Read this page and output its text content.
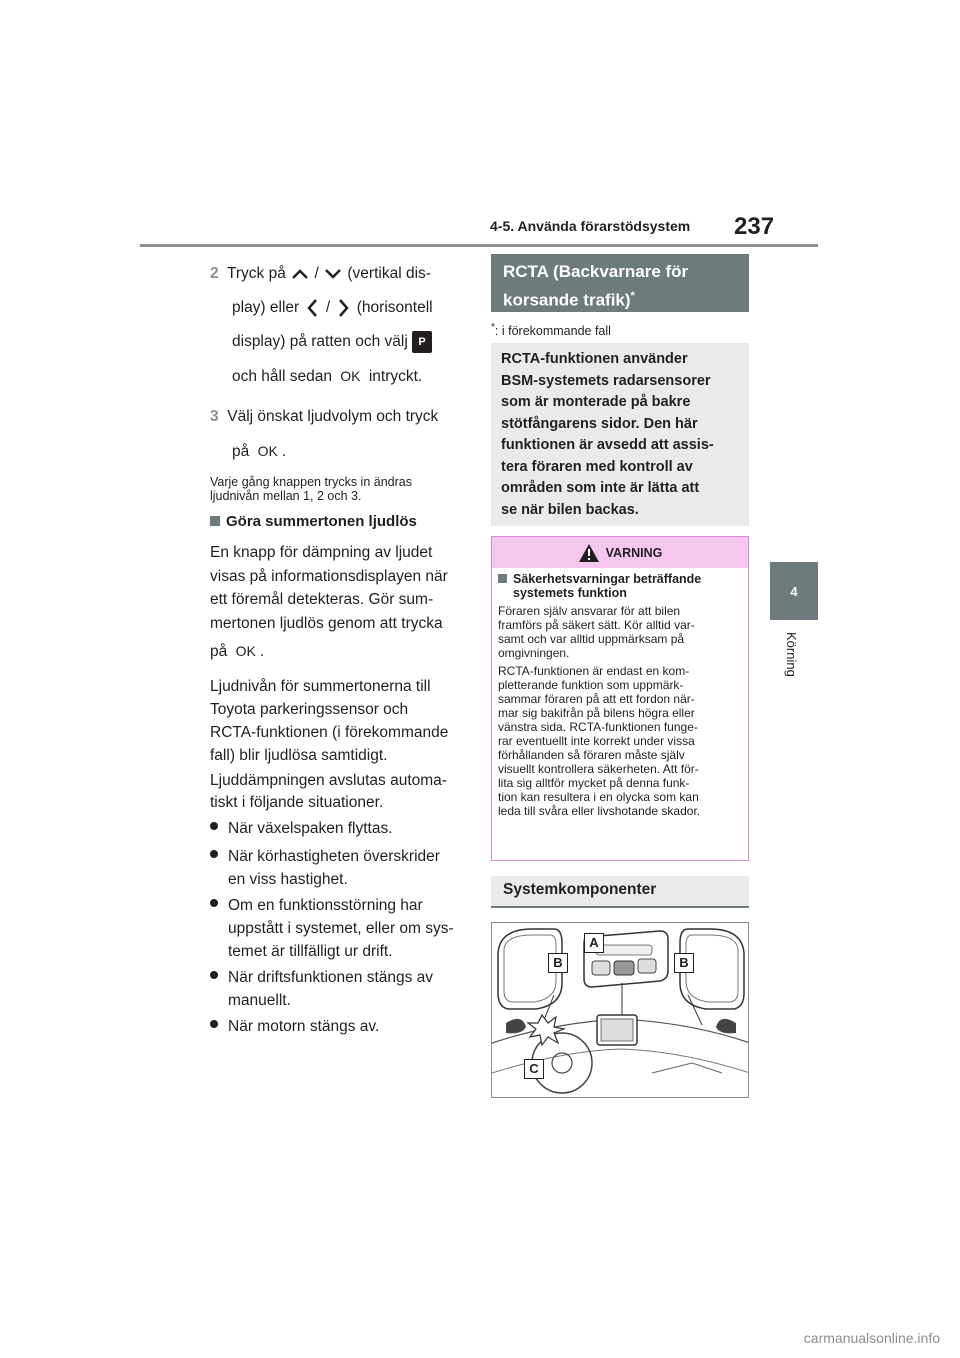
4-5. Använda förarstödsystem 237
4
Körning
2 Tryck på / (vertikal dis-
play) eller / (horisontell
display) på ratten och välj P
och håll sedan OK intryckt.
3 Välj önskat ljudvolym och tryck
på OK .
Varje gång knappen trycks in ändras
ljudnivån mellan 1, 2 och 3.
Göra summertonen ljudlös
En knapp för dämpning av ljudet
visas på informationsdisplayen när
ett föremål detekteras. Gör sum-
mertonen ljudlös genom att trycka
på OK .
Ljudnivån för summertonerna till
Toyota parkeringssensor och
RCTA-funktionen (i förekommande
fall) blir ljudlösa samtidigt.
Ljuddämpningen avslutas automa-
tiskt i följande situationer.
När växelspaken flyttas.
När körhastigheten överskrider
en viss hastighet.
Om en funktionsstörning har
uppstått i systemet, eller om sys-
temet är tillfälligt ur drift.
När driftsfunktionen stängs av
manuellt.
När motorn stängs av.
RCTA (Backvarnare för
korsande trafik)*
*: i förekommande fall
RCTA-funktionen använder
BSM-systemets radarsensorer
som är monterade på bakre
stötfångarens sidor. Den här
funktionen är avsedd att assis-
tera föraren med kontroll av
områden som inte är lätta att
se när bilen backas.
VARNING
Säkerhetsvarningar beträffande
systemets funktion
Föraren själv ansvarar för att bilen
framförs på säkert sätt. Kör alltid var-
samt och var alltid uppmärksam på
omgivningen.
RCTA-funktionen är endast en kom-
pletterande funktion som uppmärk-
sammar föraren på att ett fordon när-
mar sig bakifrån på bilens högra eller
vänstra sida. RCTA-funktionen funge-
rar eventuellt inte korrekt under vissa
förhållanden så föraren måste själv
visuellt kontrollera säkerheten. Att för-
lita sig alltför mycket på denna funk-
tion kan resultera i en olycka som kan
leda till svåra eller livshotande skador.
Systemkomponenter
A
B	B
C
carmanualsonline.info
